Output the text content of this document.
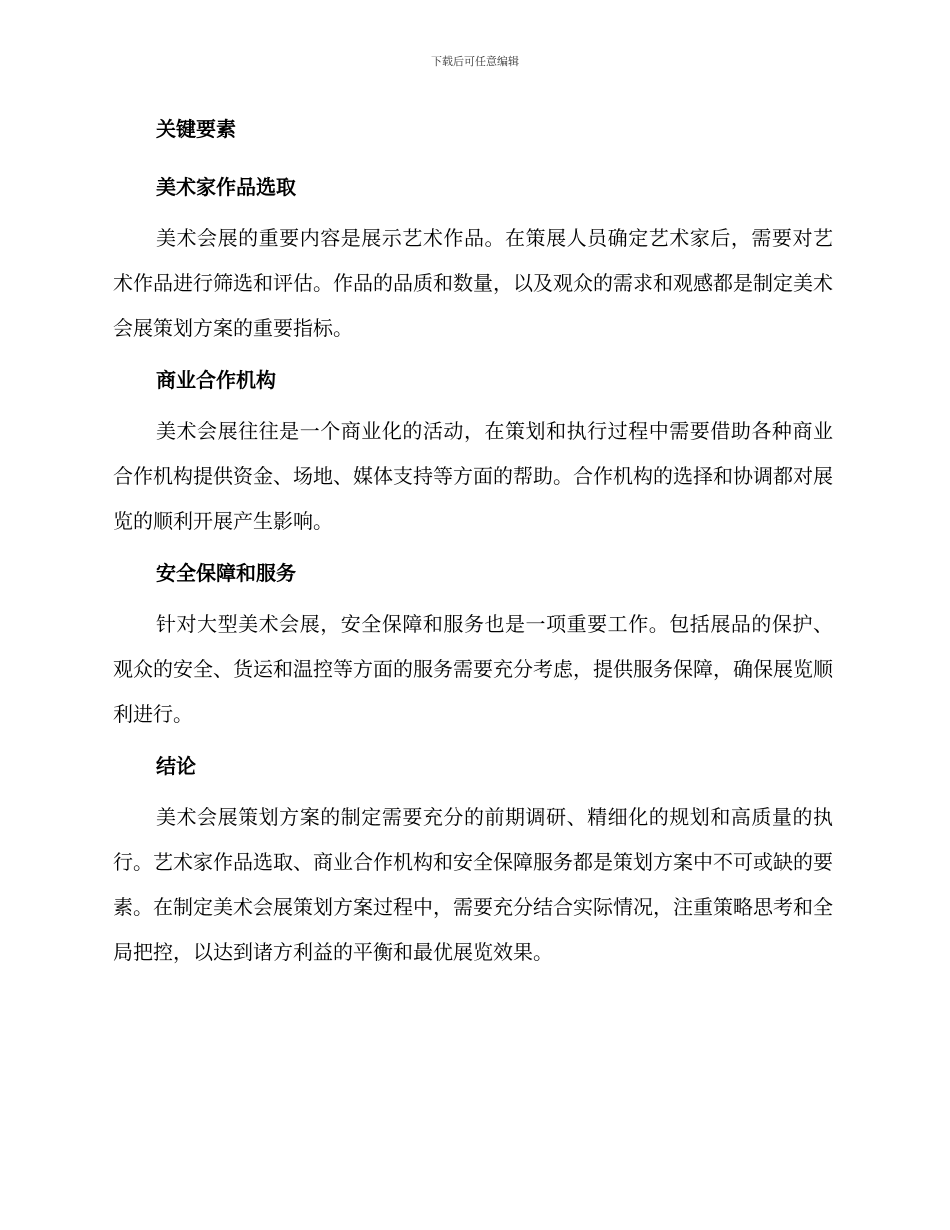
下载后可任意编辑

关键要素

美术家作品选取

美术会展的重要内容是展示艺术作品。在策展人员确定艺术家后，需要对艺术作品进行筛选和评估。作品的品质和数量，以及观众的需求和观感都是制定美术会展策划方案的重要指标。

商业合作机构

美术会展往往是一个商业化的活动，在策划和执行过程中需要借助各种商业合作机构提供资金、场地、媒体支持等方面的帮助。合作机构的选择和协调都对展览的顺利开展产生影响。

安全保障和服务

针对大型美术会展，安全保障和服务也是一项重要工作。包括展品的保护、观众的安全、货运和温控等方面的服务需要充分考虑，提供服务保障，确保展览顺利进行。

结论

美术会展策划方案的制定需要充分的前期调研、精细化的规划和高质量的执行。艺术家作品选取、商业合作机构和安全保障服务都是策划方案中不可或缺的要素。在制定美术会展策划方案过程中，需要充分结合实际情况，注重策略思考和全局把控，以达到诸方利益的平衡和最优展览效果。
